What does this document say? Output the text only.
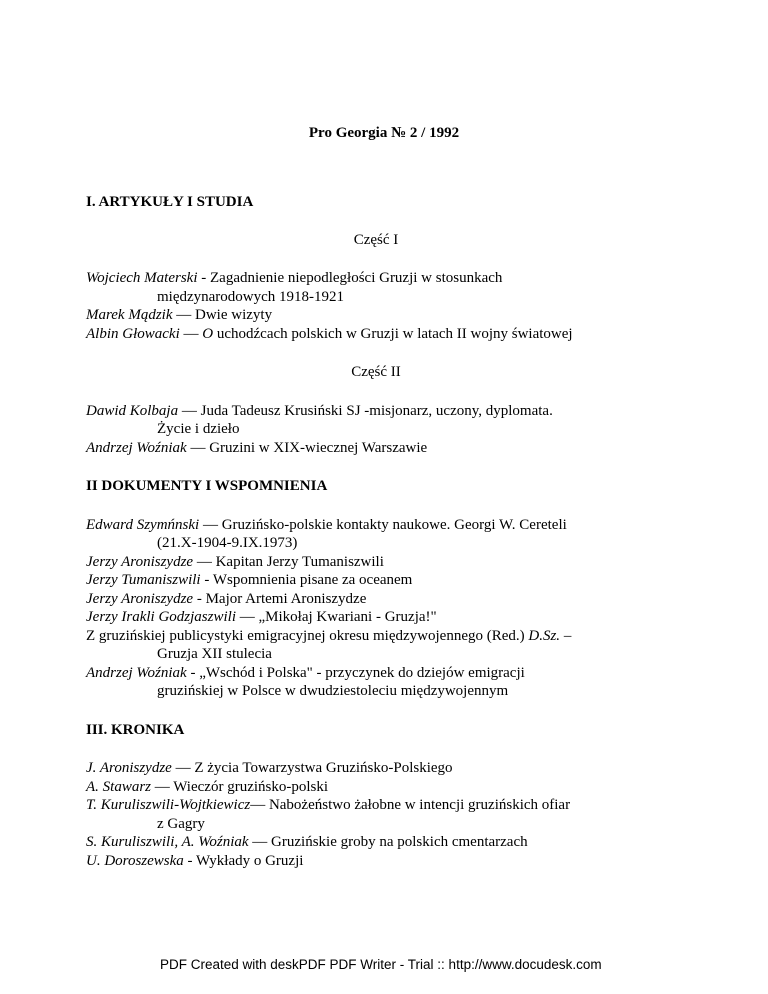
Pro Georgia № 2 / 1992

I. ARTYKUŁY I STUDIA

Część I

Wojciech Materski - Zagadnienie niepodległości Gruzji w stosunkach
międzynarodowych 1918-1921

Marek Mądzik — Dwie wizyty

Albin Głowacki — O uchodźcach polskich w Gruzji w latach II wojny światowej

Część II

Dawid Kolbaja — Juda Tadeusz Krusiński SJ -misjonarz, uczony, dyplomata.
Życie i dzieło

Andrzej Woźniak — Gruzini w XIX-wiecznej Warszawie

II DOKUMENTY I WSPOMNIENIA

Edward Szymńnski — Gruzińsko-polskie kontakty naukowe. Georgi W. Cereteli
(21.X-1904-9.IX.1973)

Jerzy Aroniszydze — Kapitan Jerzy Tumaniszwili

Jerzy Tumaniszwili - Wspomnienia pisane za oceanem

Jerzy Aroniszydze - Major Artemi Aroniszydze

Jerzy Irakli Godzjaszwili — „Mikołaj Kwariani - Gruzja!"

Z gruzińskiej publicystyki emigracyjnej okresu międzywojennego (Red.) D.Sz. –
Gruzja XII stulecia

Andrzej Woźniak - „Wschód i Polska" - przyczynek do dziejów emigracji
gruzińskiej w Polsce w dwudziestoleciu międzywojennym

III. KRONIKA

J. Aroniszydze — Z życia Towarzystwa Gruzińsko-Polskiego

A. Stawarz — Wieczór gruzińsko-polski

T. Kuruliszwili-Wojtkiewicz— Nabożeństwo żałobne w intencji gruzińskich ofiar
z Gagry

S. Kuruliszwili, A. Woźniak — Gruzińskie groby na polskich cmentarzach

U. Doroszewska - Wykłady o Gruzji

PDF Created with deskPDF PDF Writer - Trial :: http://www.docudesk.com
